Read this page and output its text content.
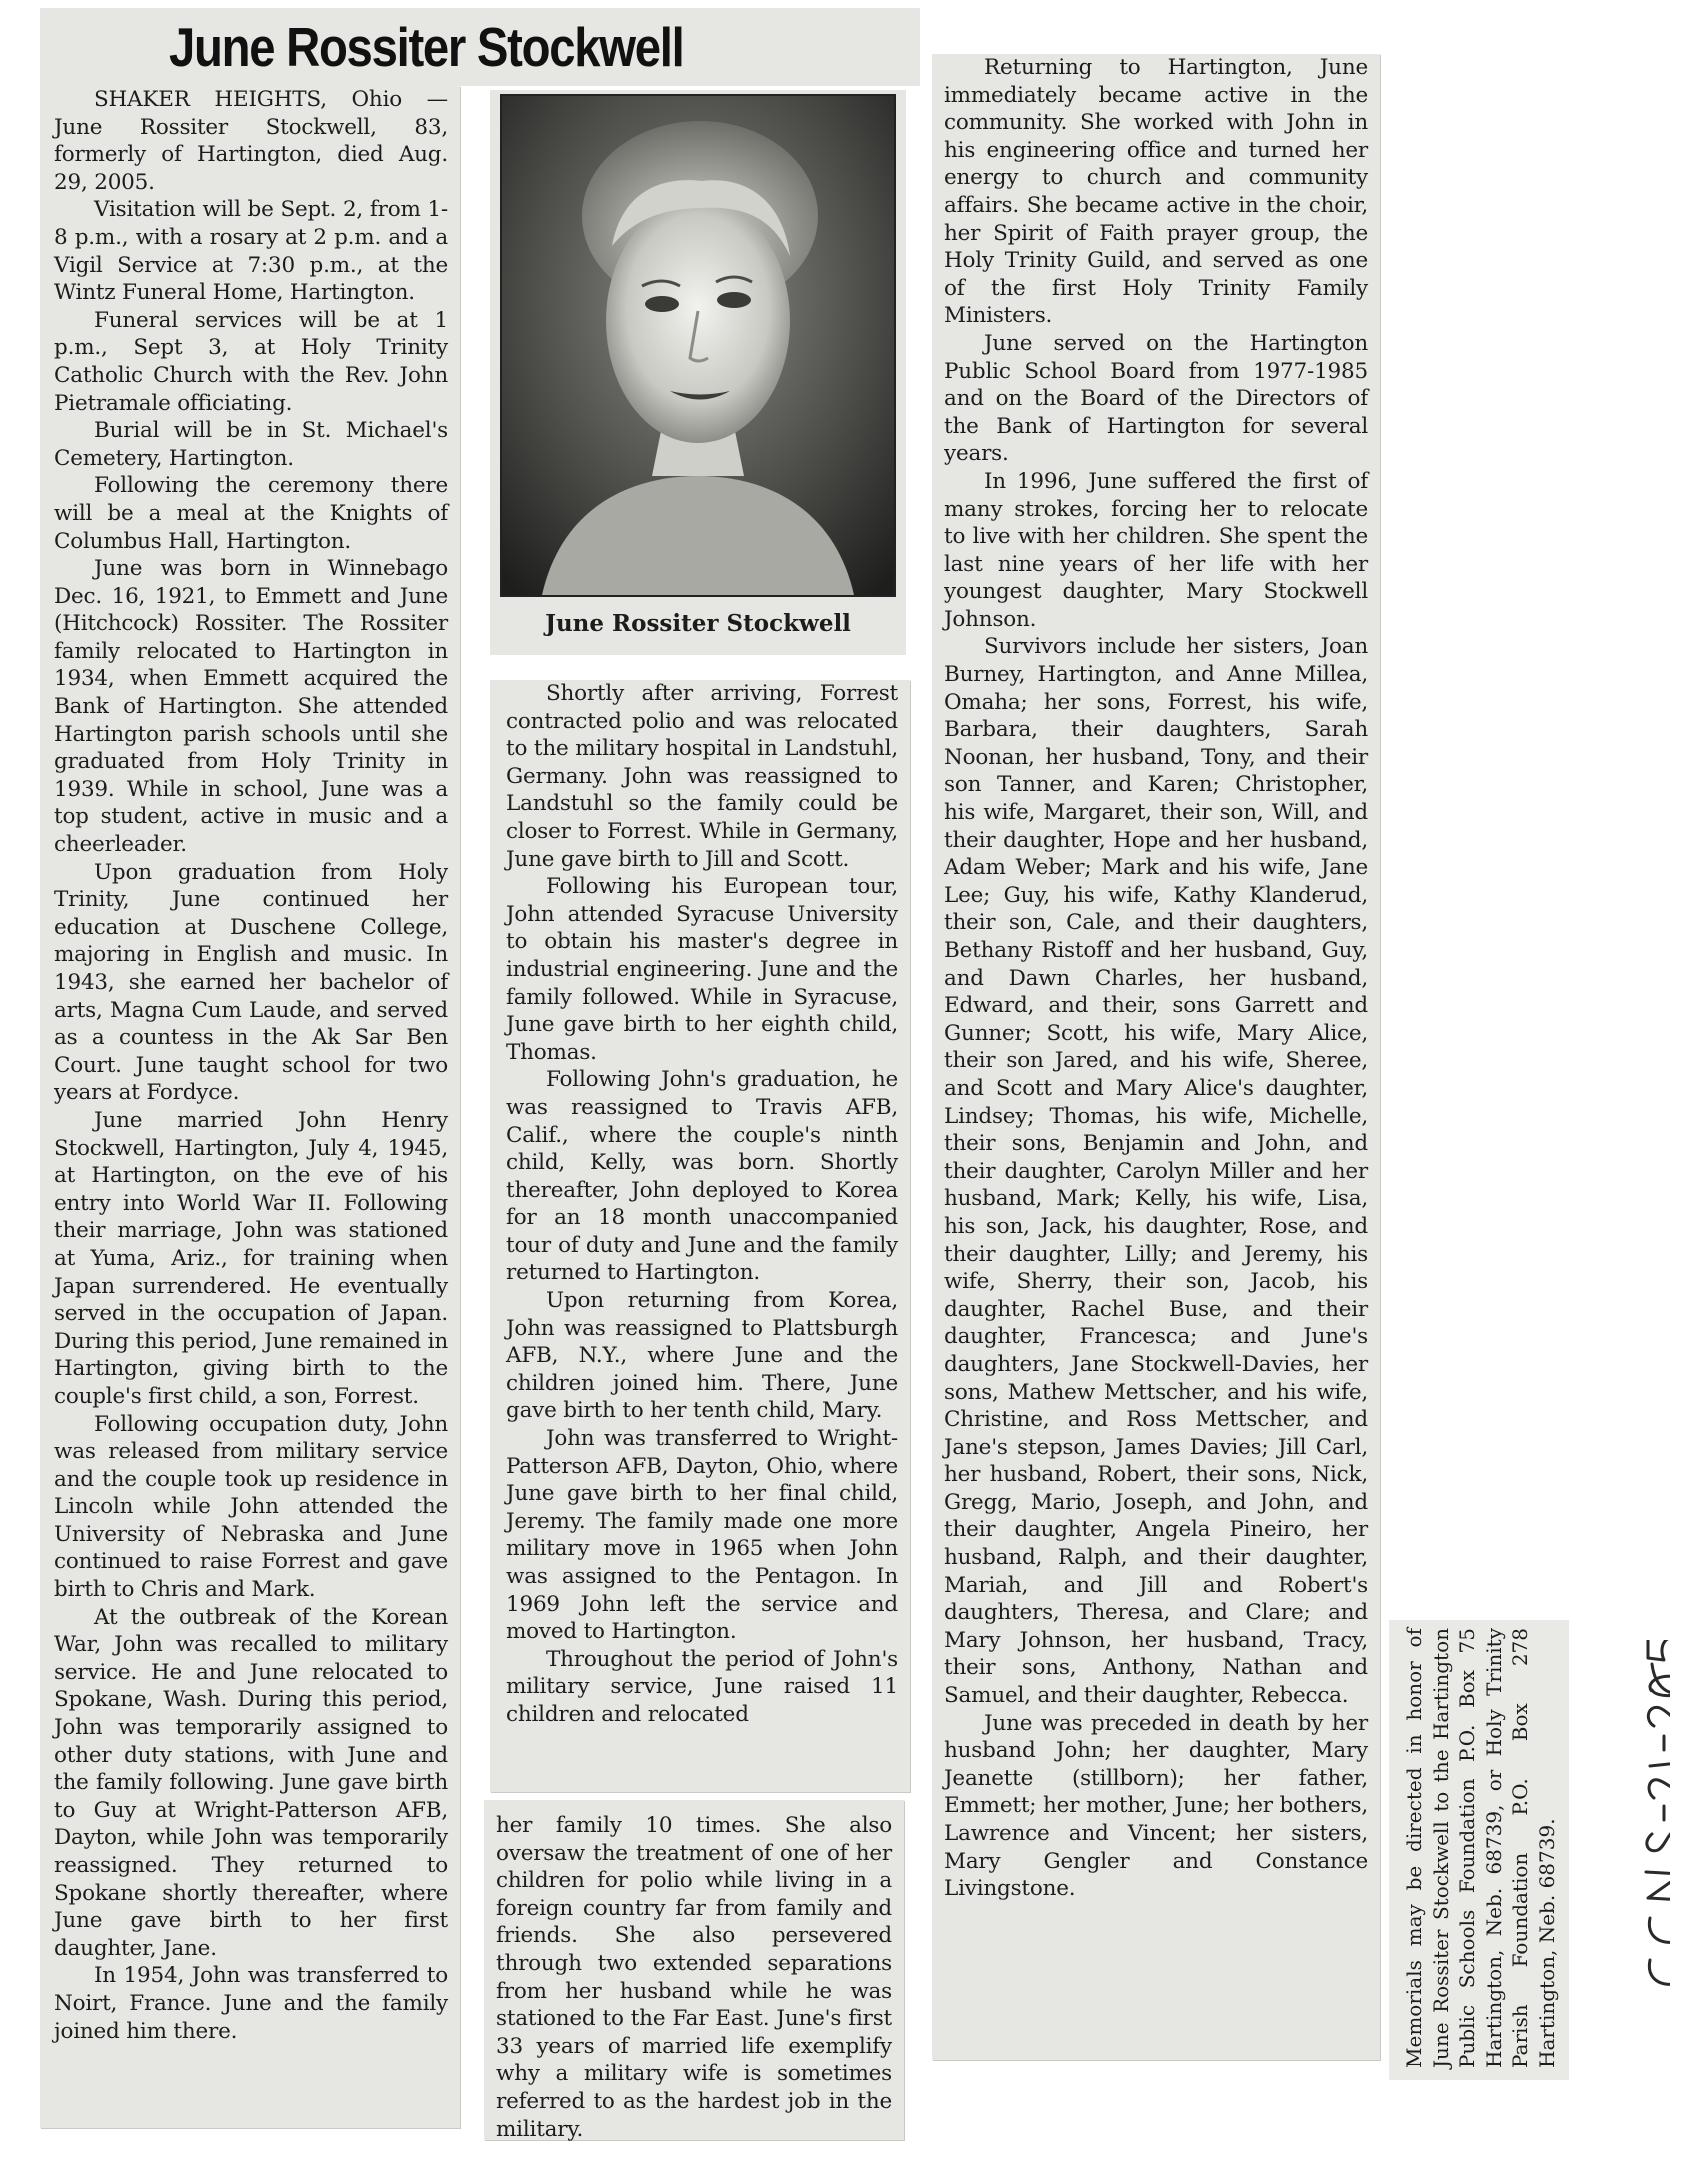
June Rossiter Stockwell

SHAKER HEIGHTS, Ohio — June Rossiter Stockwell, 83, formerly of Hartington, died Aug. 29, 2005.

Visitation will be Sept. 2, from 1-8 p.m., with a rosary at 2 p.m. and a Vigil Service at 7:30 p.m., at the Wintz Funeral Home, Hartington.

Funeral services will be at 1 p.m., Sept 3, at Holy Trinity Catholic Church with the Rev. John Pietramale officiating.

Burial will be in St. Michael's Cemetery, Hartington.

Following the ceremony there will be a meal at the Knights of Columbus Hall, Hartington.

June was born in Winnebago Dec. 16, 1921, to Emmett and June (Hitchcock) Rossiter. The Rossiter family relocated to Hartington in 1934, when Emmett acquired the Bank of Hartington. She attended Hartington parish schools until she graduated from Holy Trinity in 1939. While in school, June was a top student, active in music and a cheerleader.

Upon graduation from Holy Trinity, June continued her education at Duschene College, majoring in English and music. In 1943, she earned her bachelor of arts, Magna Cum Laude, and served as a countess in the Ak Sar Ben Court. June taught school for two years at Fordyce.

June married John Henry Stockwell, Hartington, July 4, 1945, at Hartington, on the eve of his entry into World War II. Following their marriage, John was stationed at Yuma, Ariz., for training when Japan surrendered. He eventually served in the occupation of Japan. During this period, June remained in Hartington, giving birth to the couple's first child, a son, Forrest.

Following occupation duty, John was released from military service and the couple took up residence in Lincoln while John attended the University of Nebraska and June continued to raise Forrest and gave birth to Chris and Mark.

At the outbreak of the Korean War, John was recalled to military service. He and June relocated to Spokane, Wash. During this period, John was temporarily assigned to other duty stations, with June and the family following. June gave birth to Guy at Wright-Patterson AFB, Dayton, while John was temporarily reassigned. They returned to Spokane shortly thereafter, where June gave birth to her first daughter, Jane.

In 1954, John was transferred to Noirt, France. June and the family joined him there.

June Rossiter Stockwell

Shortly after arriving, Forrest contracted polio and was relocated to the military hospital in Landstuhl, Germany. John was reassigned to Landstuhl so the family could be closer to Forrest. While in Germany, June gave birth to Jill and Scott.

Following his European tour, John attended Syracuse University to obtain his master's degree in industrial engineering. June and the family followed. While in Syracuse, June gave birth to her eighth child, Thomas.

Following John's graduation, he was reassigned to Travis AFB, Calif., where the couple's ninth child, Kelly, was born. Shortly thereafter, John deployed to Korea for an 18 month unaccompanied tour of duty and June and the family returned to Hartington.

Upon returning from Korea, John was reassigned to Plattsburgh AFB, N.Y., where June and the children joined him. There, June gave birth to her tenth child, Mary.

John was transferred to Wright-Patterson AFB, Dayton, Ohio, where June gave birth to her final child, Jeremy. The family made one more military move in 1965 when John was assigned to the Pentagon. In 1969 John left the service and moved to Hartington.

Throughout the period of John's military service, June raised 11 children and relocated

her family 10 times. She also oversaw the treatment of one of her children for polio while living in a foreign country far from family and friends. She also persevered through two extended separations from her husband while he was stationed to the Far East. June's first 33 years of married life exemplify why a military wife is sometimes referred to as the hardest job in the military.

Returning to Hartington, June immediately became active in the community. She worked with John in his engineering office and turned her energy to church and community affairs. She became active in the choir, her Spirit of Faith prayer group, the Holy Trinity Guild, and served as one of the first Holy Trinity Family Ministers.

June served on the Hartington Public School Board from 1977-1985 and on the Board of the Directors of the Bank of Hartington for several years.

In 1996, June suffered the first of many strokes, forcing her to relocate to live with her children. She spent the last nine years of her life with her youngest daughter, Mary Stockwell Johnson.

Survivors include her sisters, Joan Burney, Hartington, and Anne Millea, Omaha; her sons, Forrest, his wife, Barbara, their daughters, Sarah Noonan, her husband, Tony, and their son Tanner, and Karen; Christopher, his wife, Margaret, their son, Will, and their daughter, Hope and her husband, Adam Weber; Mark and his wife, Jane Lee; Guy, his wife, Kathy Klanderud, their son, Cale, and their daughters, Bethany Ristoff and her husband, Guy, and Dawn Charles, her husband, Edward, and their, sons Garrett and Gunner; Scott, his wife, Mary Alice, their son Jared, and his wife, Sheree, and Scott and Mary Alice's daughter, Lindsey; Thomas, his wife, Michelle, their sons, Benjamin and John, and their daughter, Carolyn Miller and her husband, Mark; Kelly, his wife, Lisa, his son, Jack, his daughter, Rose, and their daughter, Lilly; and Jeremy, his wife, Sherry, their son, Jacob, his daughter, Rachel Buse, and their daughter, Francesca; and June's daughters, Jane Stockwell-Davies, her sons, Mathew Mettscher, and his wife, Christine, and Ross Mettscher, and Jane's stepson, James Davies; Jill Carl, her husband, Robert, their sons, Nick, Gregg, Mario, Joseph, and John, and their daughter, Angela Pineiro, her husband, Ralph, and their daughter, Mariah, and Jill and Robert's daughters, Theresa, and Clare; and Mary Johnson, her husband, Tracy, their sons, Anthony, Nathan and Samuel, and their daughter, Rebecca.

June was preceded in death by her husband John; her daughter, Mary Jeanette (stillborn); her father, Emmett; her mother, June; her bothers, Lawrence and Vincent; her sisters, Mary Gengler and Constance Livingstone.	Memorials may be directed in honor of June Rossiter Stockwell to the Hartington Public Schools Foundation P.O. Box 75 Hartington, Neb. 68739, or Holy Trinity Parish Foundation P.O. Box 278 Hartington, Neb. 68739.
